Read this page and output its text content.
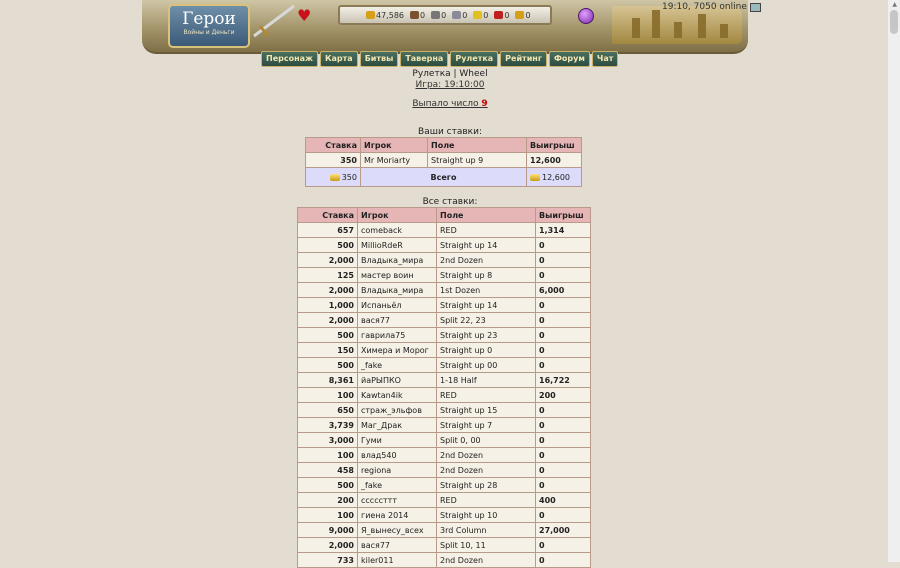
Герои
Войны и Деньги
♥	47,586 0 0 0 0 0 0
Персонаж	Карта	Битвы	Таверна	Рулетка	Рейтинг	Форум	Чат
19:10, 7050 online
Рулетка | Wheel
Игра: 19:10:00
Выпало число 9
Ваши ставки:
Ставка	Игрок	Поле	Выигрыш
350	Mr Moriarty	Straight up 9	12,600
350	Всего		12,600
Все ставки:
Ставка	Игрок	Поле	Выигрыш
657	comeback	RED	1,314
500	MillioRdeR	Straight up 14	0
2,000	Владыка_мира	2nd Dozen	0
125	мастер воин	Straight up 8	0
2,000	Владыка_мира	1st Dozen	6,000
1,000	Испаньёл	Straight up 14	0
2,000	вася77	Split 22, 23	0
500	гаврила75	Straight up 23	0
150	Химера и Морог	Straight up 0	0
500	_fake	Straight up 00	0
8,361	йаРЫПКО	1-18 Half	16,722
100	Kawtan4ik	RED	200
650	страж_эльфов	Straight up 15	0
3,739	Маг_Драк	Straight up 7	0
3,000	Гуми	Split 0, 00	0
100	влад540	2nd Dozen	0
458	regiona	2nd Dozen	0
500	_fake	Straight up 28	0
200	cccccттт	RED	400
100	гиена 2014	Straight up 10	0
9,000	Я_вынесу_всех	3rd Column	27,000
2,000	вася77	Split 10, 11	0
733	kiler011	2nd Dozen	0
▲
